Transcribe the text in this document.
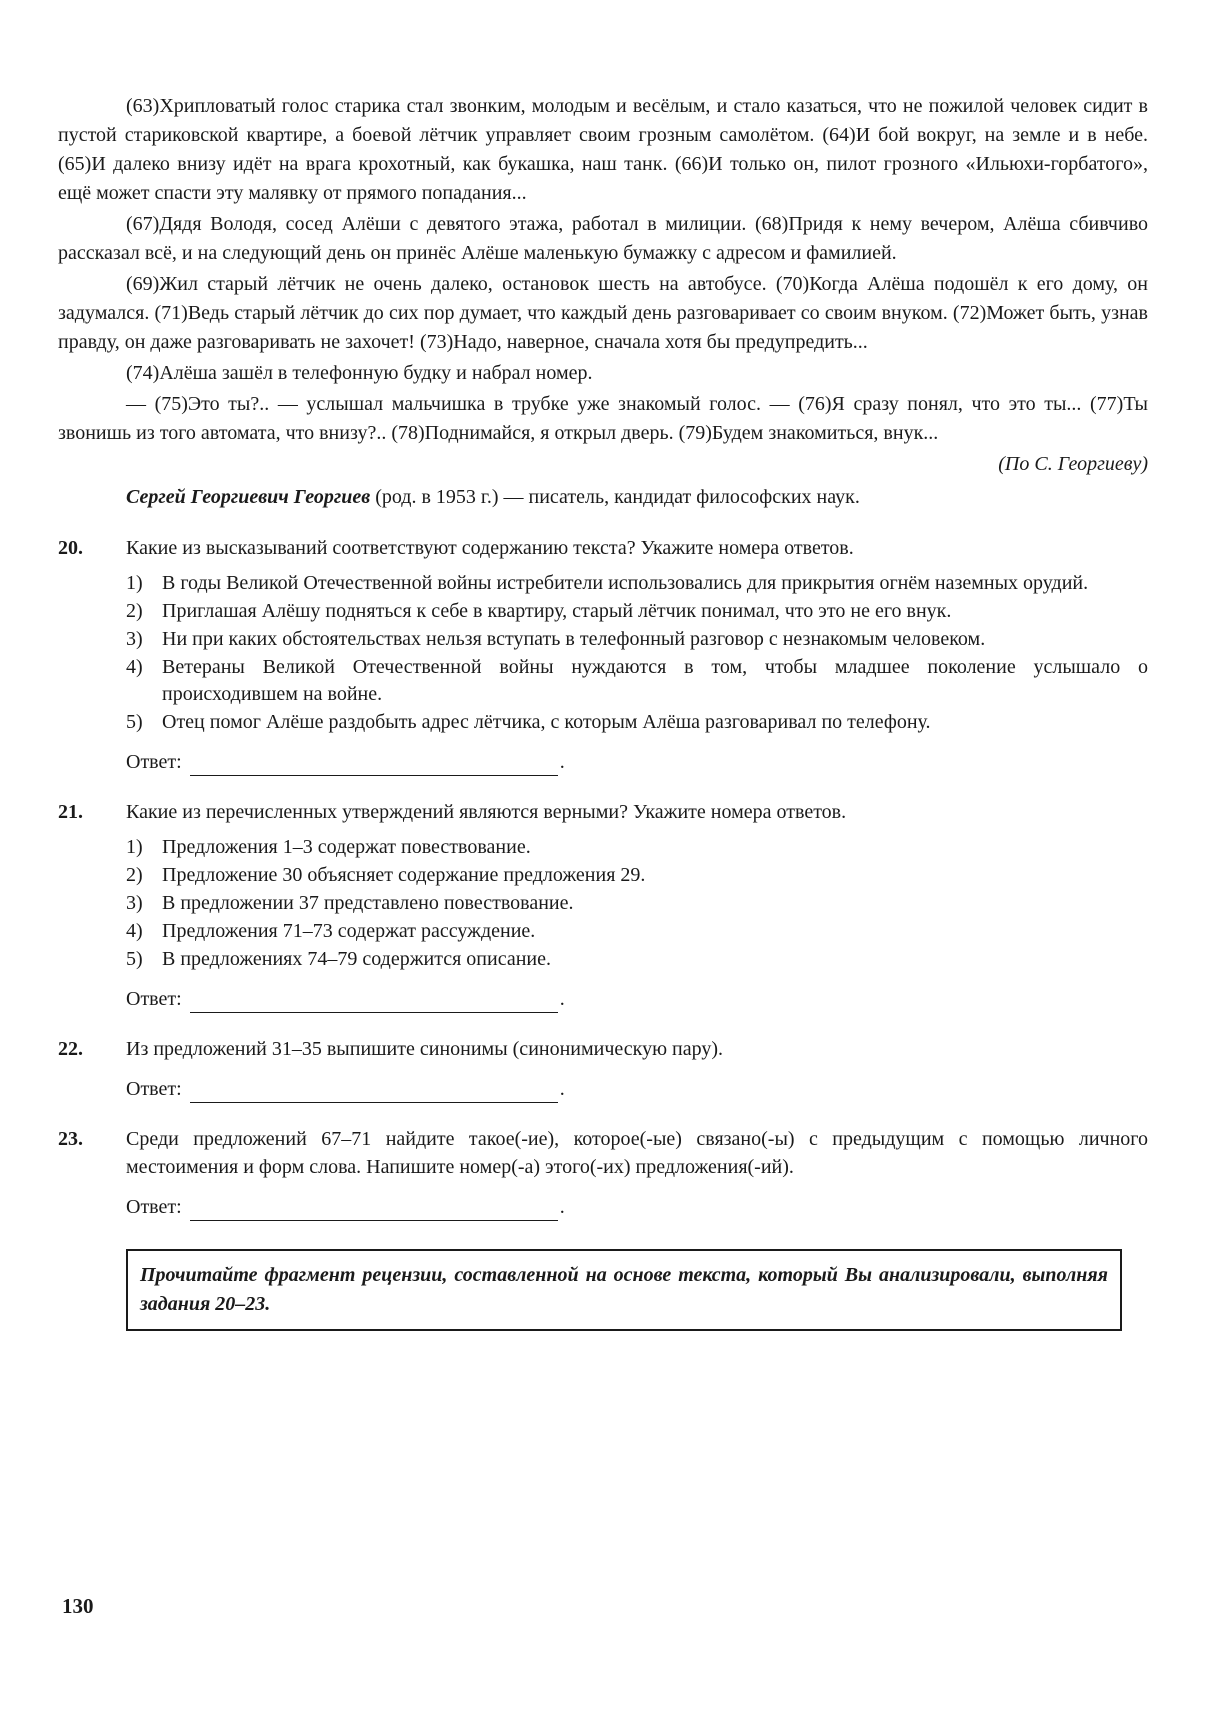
(63)Хрипловатый голос старика стал звонким, молодым и весёлым, и стало казаться, что не пожилой человек сидит в пустой стариковской квартире, а боевой лётчик управляет своим грозным самолётом. (64)И бой вокруг, на земле и в небе. (65)И далеко внизу идёт на врага крохотный, как букашка, наш танк. (66)И только он, пилот грозного «Ильюхи-горбатого», ещё может спасти эту малявку от прямого попадания...

(67)Дядя Володя, сосед Алёши с девятого этажа, работал в милиции. (68)Придя к нему вечером, Алёша сбивчиво рассказал всё, и на следующий день он принёс Алёше маленькую бумажку с адресом и фамилией.

(69)Жил старый лётчик не очень далеко, остановок шесть на автобусе. (70)Когда Алёша подошёл к его дому, он задумался. (71)Ведь старый лётчик до сих пор думает, что каждый день разговаривает со своим внуком. (72)Может быть, узнав правду, он даже разговаривать не захочет! (73)Надо, наверное, сначала хотя бы предупредить...

(74)Алёша зашёл в телефонную будку и набрал номер.

— (75)Это ты?.. — услышал мальчишка в трубке уже знакомый голос. — (76)Я сразу понял, что это ты... (77)Ты звонишь из того автомата, что внизу?.. (78)Поднимайся, я открыл дверь. (79)Будем знакомиться, внук...

(По С. Георгиеву)

Сергей Георгиевич Георгиев (род. в 1953 г.) — писатель, кандидат философских наук.

20.	Какие из высказываний соответствуют содержанию текста? Укажите номера ответов.
1) В годы Великой Отечественной войны истребители использовались для прикрытия огнём наземных орудий.
2) Приглашая Алёшу подняться к себе в квартиру, старый лётчик понимал, что это не его внук.
3) Ни при каких обстоятельствах нельзя вступать в телефонный разговор с незнакомым человеком.
4) Ветераны Великой Отечественной войны нуждаются в том, чтобы младшее поколение услышало о происходившем на войне.
5) Отец помог Алёше раздобыть адрес лётчика, с которым Алёша разговаривал по телефону.
Ответ:	.
21.	Какие из перечисленных утверждений являются верными? Укажите номера ответов.
1) Предложения 1–3 содержат повествование.
2) Предложение 30 объясняет содержание предложения 29.
3) В предложении 37 представлено повествование.
4) Предложения 71–73 содержат рассуждение.
5) В предложениях 74–79 содержится описание.
Ответ:	.
22.	Из предложений 31–35 выпишите синонимы (синонимическую пару).
Ответ:	.
23.	Среди предложений 67–71 найдите такое(-ие), которое(-ые) связано(-ы) с предыдущим с помощью личного местоимения и форм слова. Напишите номер(-а) этого(-их) предложения(-ий).
Ответ:	.
Прочитайте фрагмент рецензии, составленной на основе текста, который Вы анализировали, выполняя задания 20–23.
130
